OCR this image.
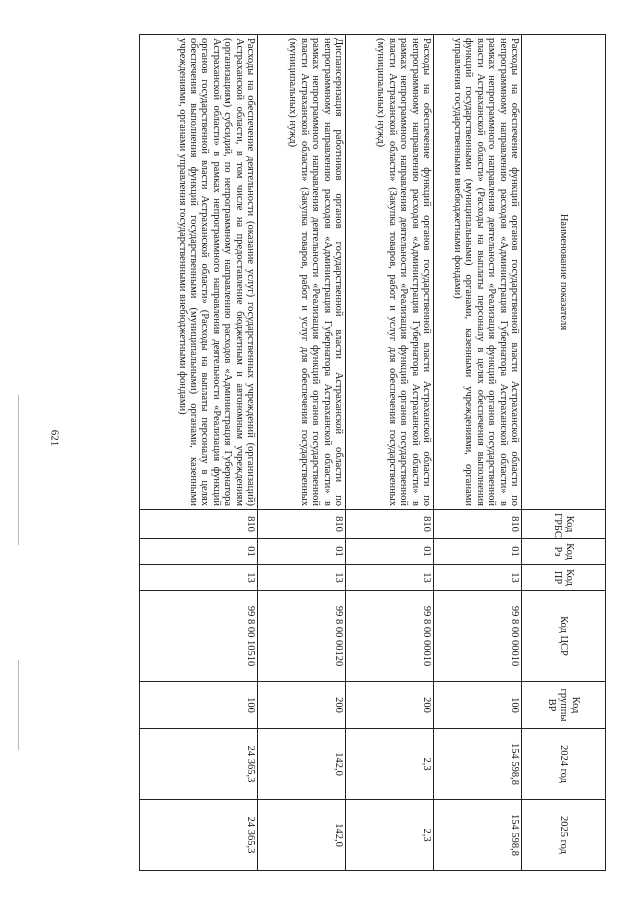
621
Наименование показателя	Код ГРБС	Код Рз	Код ПР	Код ЦСР	Код группы ВР	2024 год	2025 год
Расходы на обеспечение функций органов государственной власти Астраханской области по непрограммному направлению расходов «Администрация Губернатора Астраханской области» в рамках непрограммного направления деятельности «Реализация функций органов государственной власти Астраханской области» (Расходы на выплаты персоналу в целях обеспечения выполнения функций государственными (муниципальными) органами, казенными учреждениями, органами управления государственными внебюджетными фондами)	810	01	13	99 8 00 00010	100	154 598,8	154 598,8
Расходы на обеспечение функций органов государственной власти Астраханской области по непрограммному направлению расходов «Администрация Губернатора Астраханской области» в рамках непрограммного направления деятельности «Реализация функций органов государственной власти Астраханской области» (Закупка товаров, работ и услуг для обеспечения государственных (муниципальных) нужд)	810	01	13	99 8 00 00010	200	2,3	2,3
Диспансеризация работников органов государственной власти Астраханской области по непрограммному направлению расходов «Администрация Губернатора Астраханской области» в рамках непрограммного направления деятельности «Реализация функций органов государственной власти Астраханской области» (Закупка товаров, работ и услуг для обеспечения государственных (муниципальных) нужд)	810	01	13	99 8 00 00120	200	142,0	142,0
Расходы на обеспечение деятельности (оказание услуг) государственных учреждений (организаций) Астраханской области, в том числе на предоставление бюджетным и автономным учреждениям (организациям) субсидий, по непрограммному направлению расходов «Администрация Губернатора Астраханской области» в рамках непрограммного направления деятельности «Реализация функций органов государственной власти Астраханской области» (Расходы на выплаты персоналу в целях обеспечения выполнения функций государственными (муниципальными) органами, казенными учреждениями, органами управления государственными внебюджетными фондами)	810	01	13	99 8 00 10510	100	24 365,3	24 365,3
